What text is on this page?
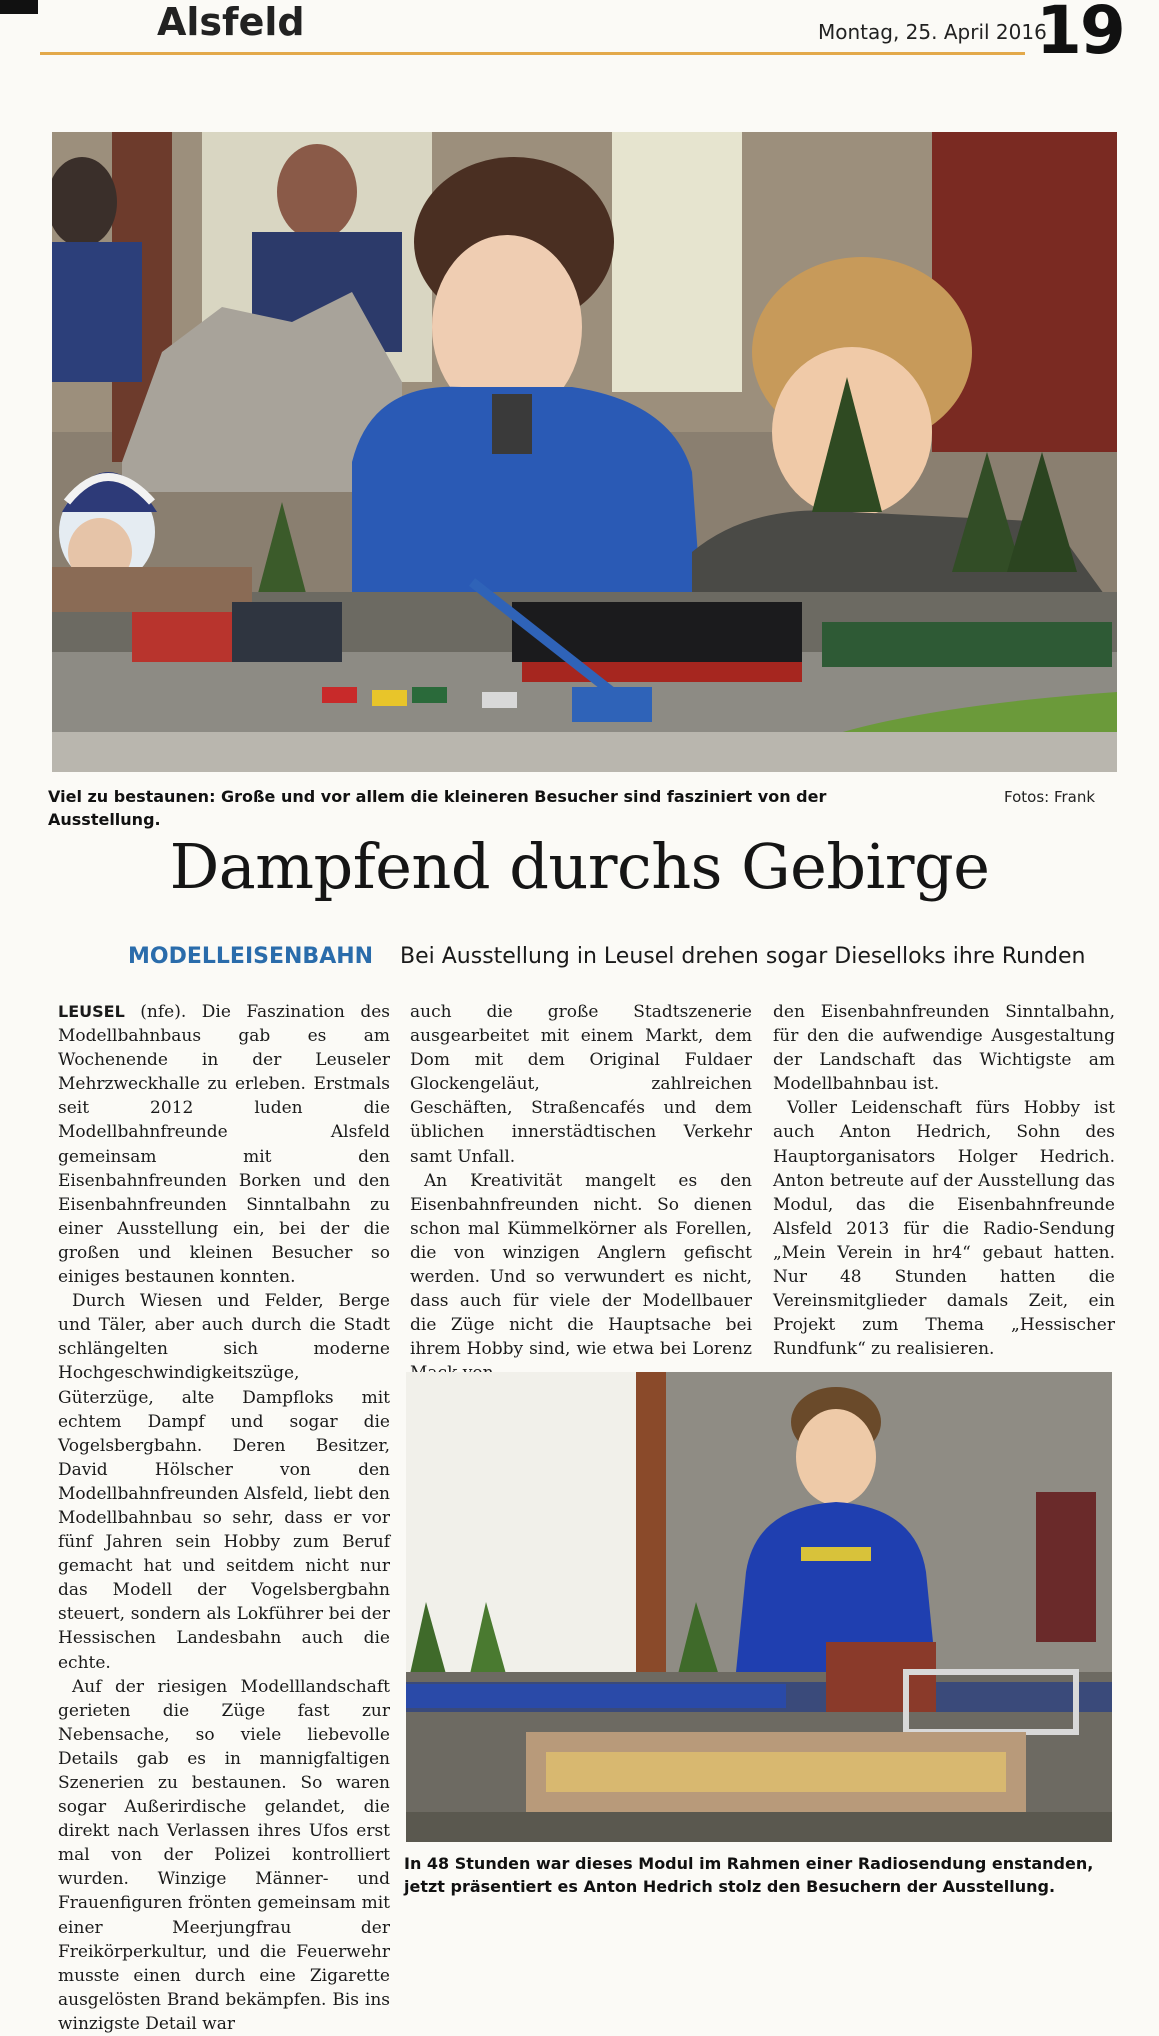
Alsfeld	Montag, 25. April 2016
19
Viel zu bestaunen: Große und vor allem die kleineren Besucher sind fasziniert von der Ausstellung.
Fotos: Frank
Dampfend durchs Gebirge
MODELLEISENBAHN Bei Ausstellung in Leusel drehen sogar Dieselloks ihre Runden

LEUSEL (nfe). Die Faszination des Modellbahnbaus gab es am Wochenende in der Leuseler Mehrzweckhalle zu erleben. Erstmals seit 2012 luden die Modellbahnfreunde Alsfeld gemeinsam mit den Eisenbahnfreunden Borken und den Eisenbahnfreunden Sinntalbahn zu einer Ausstellung ein, bei der die großen und kleinen Besucher so einiges bestaunen konnten.

Durch Wiesen und Felder, Berge und Täler, aber auch durch die Stadt schlängelten sich moderne Hochgeschwindigkeitszüge, Güterzüge, alte Dampfloks mit echtem Dampf und sogar die Vogelsbergbahn. Deren Besitzer, David Hölscher von den Modellbahnfreunden Alsfeld, liebt den Modellbahnbau so sehr, dass er vor fünf Jahren sein Hobby zum Beruf gemacht hat und seitdem nicht nur das Modell der Vogelsbergbahn steuert, sondern als Lokführer bei der Hessischen Landesbahn auch die echte.

Auf der riesigen Modelllandschaft gerieten die Züge fast zur Nebensache, so viele liebevolle Details gab es in mannigfaltigen Szenerien zu bestaunen. So waren sogar Außerirdische gelandet, die direkt nach Verlassen ihres Ufos erst mal von der Polizei kontrolliert wurden. Winzige Männer- und Frauenfiguren frönten gemeinsam mit einer Meerjungfrau der Freikörperkultur, und die Feuerwehr musste einen durch eine Zigarette ausgelösten Brand bekämpfen. Bis ins winzigste Detail war

auch die große Stadtszenerie ausgearbeitet mit einem Markt, dem Dom mit dem Original Fuldaer Glockengeläut, zahlreichen Geschäften, Straßencafés und dem üblichen innerstädtischen Verkehr samt Unfall.

An Kreativität mangelt es den Eisenbahnfreunden nicht. So dienen schon mal Kümmelkörner als Forellen, die von winzigen Anglern gefischt werden. Und so verwundert es nicht, dass auch für viele der Modellbauer die Züge nicht die Hauptsache bei ihrem Hobby sind, wie etwa bei Lorenz

den Eisenbahnfreunden Sinntalbahn, für den die aufwendige Ausgestaltung der Landschaft das Wichtigste am Modellbahnbau ist.

Voller Leidenschaft fürs Hobby ist auch Anton Hedrich, Sohn des Hauptorganisators Holger Hedrich. Anton betreute auf der Ausstellung das Modul, das die Eisenbahnfreunde Alsfeld 2013 für die Radio-Sendung „Mein Verein in hr4“ gebaut hatten. Nur 48 Stunden hatten die Vereinsmitglieder damals Zeit, ein Projekt zum Thema „Hessischer Rundfunk“ zu realisieren.

In 48 Stunden war dieses Modul im Rahmen einer Radiosendung enstanden, jetzt präsentiert es Anton Hedrich stolz den Besuchern der Ausstellung.
